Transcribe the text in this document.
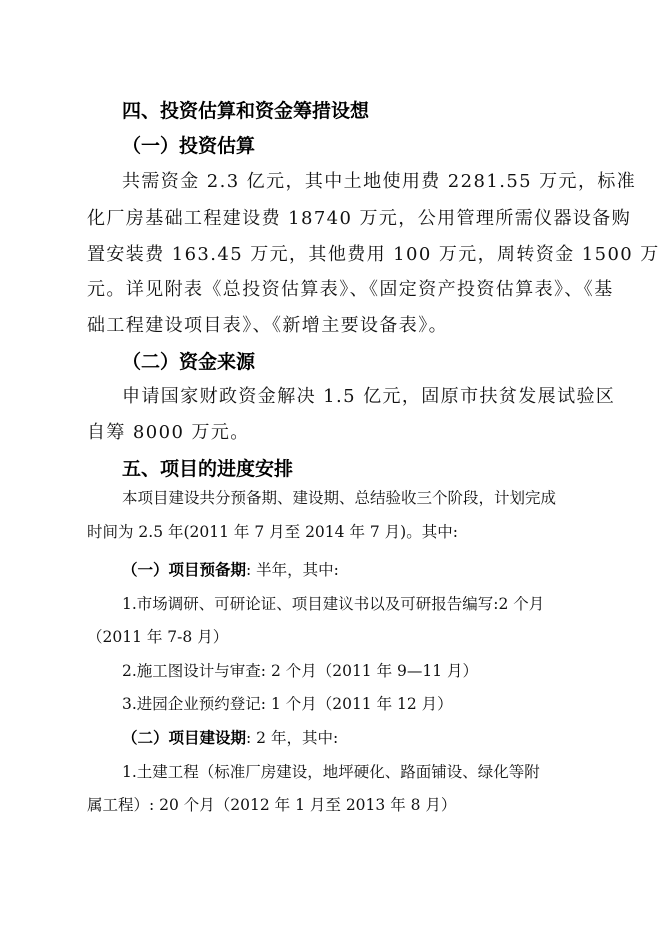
四、投资估算和资金筹措设想
（一）投资估算
共需资金 2.3 亿元，其中土地使用费 2281.55 万元，标准
化厂房基础工程建设费 18740 万元，公用管理所需仪器设备购
置安装费 163.45 万元，其他费用 100 万元，周转资金 1500 万
元。详见附表《总投资估算表》、《固定资产投资估算表》、《基
础工程建设项目表》、《新增主要设备表》。
（二）资金来源
申请国家财政资金解决 1.5 亿元，固原市扶贫发展试验区
自筹 8000 万元。
五、项目的进度安排
本项目建设共分预备期、建设期、总结验收三个阶段，计划完成
时间为 2.5 年(2011 年 7 月至 2014 年 7 月)。其中:
（一）项目预备期: 半年，其中:
1.市场调研、可研论证、项目建议书以及可研报告编写:2 个月
（2011 年 7-8 月）
2.施工图设计与审查: 2 个月（2011 年 9—11 月）
3.进园企业预约登记: 1 个月（2011 年 12 月）
（二）项目建设期: 2 年，其中:
1.土建工程（标准厂房建设，地坪硬化、路面铺设、绿化等附
属工程）: 20 个月（2012 年 1 月至 2013 年 8 月）
